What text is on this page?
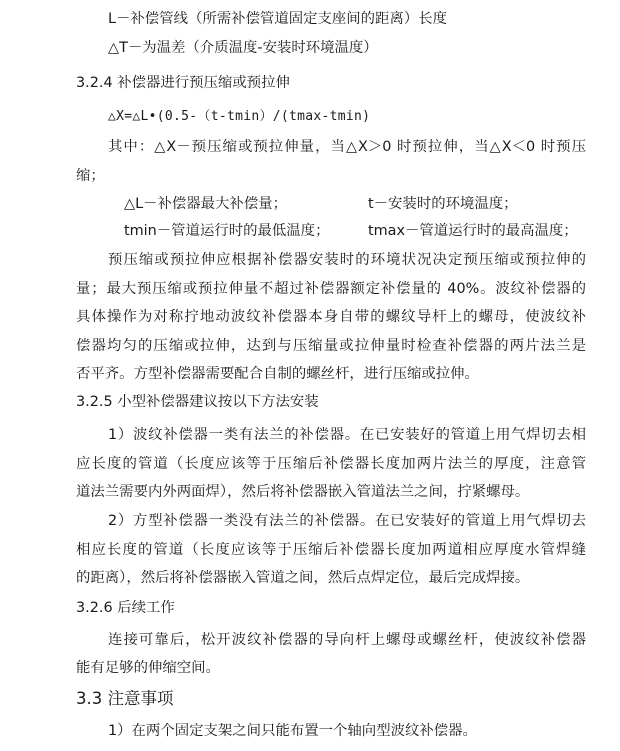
L－补偿管线（所需补偿管道固定支座间的距离）长度
△T－为温差（介质温度-安装时环境温度）
3.2.4 补偿器进行预压缩或预拉伸
△X=△L•(0.5-（t-tmin）/(tmax-tmin)
其中：△X－预压缩或预拉伸量，当△X＞0 时预拉伸，当△X＜0 时预压
缩；
△L－补偿器最大补偿量；	t－安装时的环境温度；
tmin－管道运行时的最低温度；	tmax－管道运行时的最高温度；
预压缩或预拉伸应根据补偿器安装时的环境状况决定预压缩或预拉伸的
量；最大预压缩或预拉伸量不超过补偿器额定补偿量的 40%。波纹补偿器的
具体操作为对称拧地动波纹补偿器本身自带的螺纹导杆上的螺母，使波纹补
偿器均匀的压缩或拉伸，达到与压缩量或拉伸量时检查补偿器的两片法兰是
否平齐。方型补偿器需要配合自制的螺丝杆，进行压缩或拉伸。
3.2.5 小型补偿器建议按以下方法安装
1）波纹补偿器一类有法兰的补偿器。在已安装好的管道上用气焊切去相
应长度的管道（长度应该等于压缩后补偿器长度加两片法兰的厚度，注意管
道法兰需要内外两面焊），然后将补偿器嵌入管道法兰之间，拧紧螺母。
2）方型补偿器一类没有法兰的补偿器。在已安装好的管道上用气焊切去
相应长度的管道（长度应该等于压缩后补偿器长度加两道相应厚度水管焊缝
的距离），然后将补偿器嵌入管道之间，然后点焊定位，最后完成焊接。
3.2.6 后续工作
连接可靠后，松开波纹补偿器的导向杆上螺母或螺丝杆，使波纹补偿器
能有足够的伸缩空间。
3.3 注意事项
1）在两个固定支架之间只能布置一个轴向型波纹补偿器。
